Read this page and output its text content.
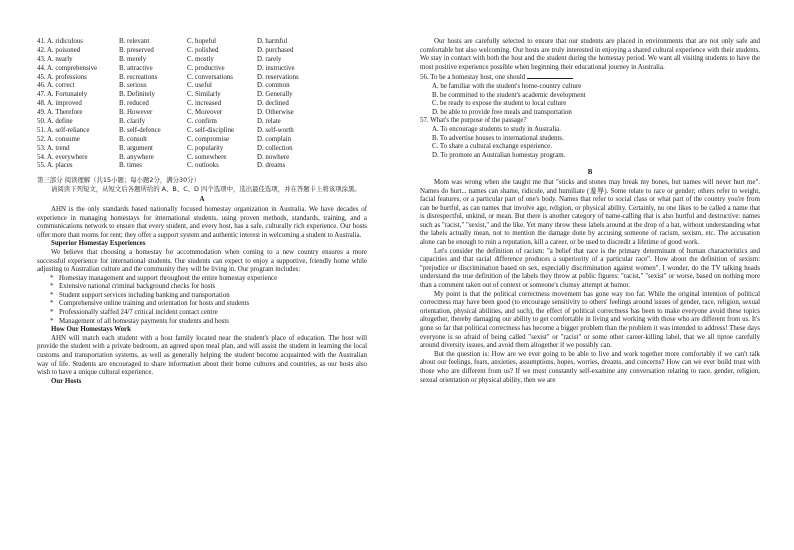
41. A. ridiculous	B. relevant	C. hopeful	D. harmful
42. A. poisoned	B. preserved	C. polished	D. purchased
43. A. nearly	B. merely	C. mostly	D. rarely
44. A. comprehensive	B. attractive	C. productive	D. instructive
45. A. professions	B. recreations	C. conversations	D. reservations
46. A. correct	B. serious	C. useful	D. common
47. A. Fortunately	B. Definitely	C. Similarly	D. Generally
48. A. improved	B. reduced	C. increased	D. declined
49. A. Therefore	B. However	C. Moreover	D. Otherwise
50. A. define	B. clarify	C. confirm	D. relate
51. A. self-reliance	B. self-defence	C. self-discipline	D. self-worth
52. A. consume	B. consult	C. compromise	D. complain
53. A. trend	B. argument	C. popularity	D. collection
54. A. everywhere	B. anywhere	C. somewhere	D. nowhere
55. A. places	B. times	C. outlooks	D. dreams
第三部分 阅读理解（共15小题；每小题2分，满分30分）
请阅读下列短文，从短文后各题所给的 A、B、C、D 四个选项中，选出最佳选项，并在答题卡上将该项涂黑。
A

AHN is the only standards based nationally focused homestay organization in Australia. We have decades of experience in managing homestays for international students, using proven methods, standards, training, and a communications network to ensure that every student, and every host, has a safe, culturally rich experience. Our hosts offer more than rooms for rent; they offer a support system and authentic interest in welcoming a student to Australia.

Superior Homestay Experiences

We believe that choosing a homestay for accommodation when coming to a new country ensures a more successful experience for international students. Our students can expect to enjoy a supportive, friendly home while adjusting to Australian culture and the community they will be living in. Our program includes:

* Homestay management and support throughout the entire homestay experience
* Extensive national criminal background checks for hosts
* Student support services including banking and transportation
* Comprehensive online training and orientation for hosts and students
* Professionally staffed 24/7 critical incident contact centre
* Management of all homestay payments for students and hosts
How Our Homestays Work

AHN will match each student with a host family located near the student's place of education. The host will provide the student with a private bedroom, an agreed upon meal plan, and will assist the student in learning the local customs and transportation systems, as well as generally helping the student become acquainted with the Australian way of life. Students are encouraged to share information about their home cultures and countries, as our hosts also wish to have a unique cultural experience.

Our Hosts

Our hosts are carefully selected to ensure that our students are placed in environments that are not only safe and comfortable but also welcoming. Our hosts are truly interested in enjoying a shared cultural experience with their students. We stay in contact with both the host and the student during the homestay period. We want all visiting students to have the most positive experience possible when beginning their educational journey in Australia.

56. To be a homestay host, one should
A. be familiar with the student's home-country culture
B. be committed to the student's academic development
C. be ready to expose the student to local culture
D. be able to provide free meals and transportation
57. What's the purpose of the passage?
A. To encourage students to study in Australia.
B. To advertise houses to international students.
C. To share a cultural exchange experience.
D. To promote an Australian homestay program.
B

Mom was wrong when she taught me that "sticks and stones may break my bones, but names will never hurt me". Names do hurt... names can shame, ridicule, and humiliate (羞辱). Some relate to race or gender; others refer to weight, facial features, or a particular part of one's body. Names that refer to social class or what part of the country you're from can be hurtful, as can names that involve age, religion, or physical ability. Certainly, no one likes to be called a name that is disrespectful, unkind, or mean. But there is another category of name-calling that is also hurtful and destructive: names such as "racist," "sexist," and the like. Yet many throw these labels around at the drop of a hat, without understanding what the labels actually mean, not to mention the damage done by accusing someone of racism, sexism, etc. The accusation alone can be enough to ruin a reputation, kill a career, or be used to discredit a lifetime of good work.

Let's consider the definition of racism: "a belief that race is the primary determinant of human characteristics and capacities and that racial difference produces a superiority of a particular race". How about the definition of sexism: "prejudice or discrimination based on sex, especially discrimination against women". I wonder, do the TV talking heads understand the true definition of the labels they throw at public figures: "racist," "sexist" or worse, based on nothing more than a comment taken out of context or someone's clumsy attempt at humor.

My point is that the political correctness movement has gone way too far. While the original intention of political correctness may have been good (to encourage sensitivity to others' feelings around issues of gender, race, religion, sexual orientation, physical abilities, and such), the effect of political correctness has been to make everyone avoid these topics altogether, thereby damaging our ability to get comfortable in living and working with those who are different from us. It's gone so far that political correctness has become a bigger problem than the problem it was intended to address! These days everyone is so afraid of being called "sexist" or "racist" or some other career-killing label, that we all tiptoe carefully around diversity issues, and avoid them altogether if we possibly can.

But the question is: How are we ever going to be able to live and work together more comfortably if we can't talk about our feelings, fears, anxieties, assumptions, hopes, worries, dreams, and concerns? How can we ever build trust with those who are different from us? If we must constantly self-examine any conversation relating to race, gender, religion, sexual orientation or physical ability, then we are
